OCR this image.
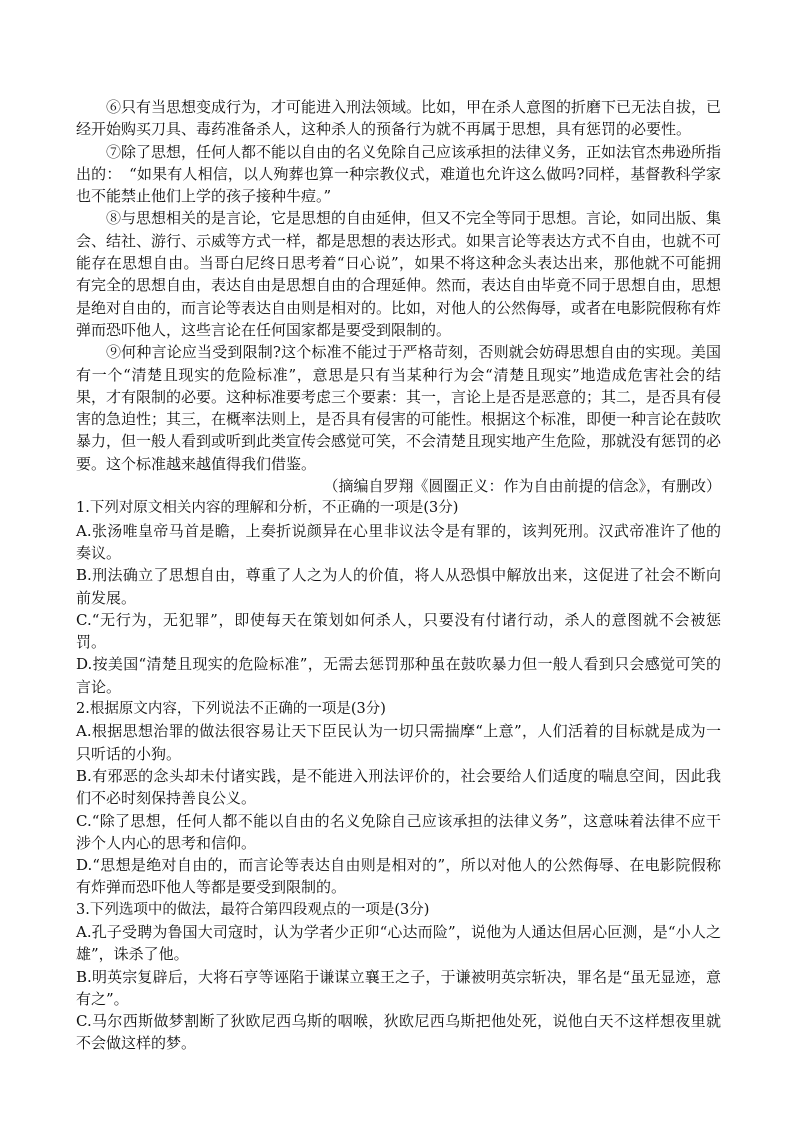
⑥只有当思想变成行为，才可能进入刑法领域。比如，甲在杀人意图的折磨下已无法自拔，已经开始购买刀具、毒药准备杀人，这种杀人的预备行为就不再属于思想，具有惩罚的必要性。

⑦除了思想，任何人都不能以自由的名义免除自己应该承担的法律义务，正如法官杰弗逊所指出的：　“如果有人相信，以人殉葬也算一种宗教仪式，难道也允许这么做吗?同样，基督教科学家也不能禁止他们上学的孩子接种牛痘。”

⑧与思想相关的是言论，它是思想的自由延伸，但又不完全等同于思想。言论，如同出版、集会、结社、游行、示威等方式一样，都是思想的表达形式。如果言论等表达方式不自由，也就不可能存在思想自由。当哥白尼终日思考着“日心说”，如果不将这种念头表达出来，那他就不可能拥有完全的思想自由，表达自由是思想自由的合理延伸。然而，表达自由毕竟不同于思想自由，思想是绝对自由的，而言论等表达自由则是相对的。比如，对他人的公然侮辱，或者在电影院假称有炸弹而恐吓他人，这些言论在任何国家都是要受到限制的。

⑨何种言论应当受到限制?这个标准不能过于严格苛刻，否则就会妨碍思想自由的实现。美国有一个“清楚且现实的危险标准”，意思是只有当某种行为会“清楚且现实”地造成危害社会的结果，才有限制的必要。这种标准要考虑三个要素：其一，言论上是否是恶意的；其二，是否具有侵害的急迫性；其三，在概率法则上，是否具有侵害的可能性。根据这个标准，即便一种言论在鼓吹暴力，但一般人看到或听到此类宣传会感觉可笑，不会清楚且现实地产生危险，那就没有惩罚的必要。这个标准越来越值得我们借鉴。

（摘编自罗翔《圆圈正义：作为自由前提的信念》，有删改）

1.下列对原文相关内容的理解和分析，不正确的一项是(3分)

A.张汤唯皇帝马首是瞻，上奏折说颜异在心里非议法令是有罪的，该判死刑。汉武帝准许了他的奏议。

B.刑法确立了思想自由，尊重了人之为人的价值，将人从恐惧中解放出来，这促进了社会不断向前发展。

C.“无行为，无犯罪”，即使每天在策划如何杀人，只要没有付诸行动，杀人的意图就不会被惩罚。

D.按美国“清楚且现实的危险标准”，无需去惩罚那种虽在鼓吹暴力但一般人看到只会感觉可笑的言论。

2.根据原文内容，下列说法不正确的一项是(3分)

A.根据思想治罪的做法很容易让天下臣民认为一切只需揣摩“上意”，人们活着的目标就是成为一只听话的小狗。

B.有邪恶的念头却未付诸实践，是不能进入刑法评价的，社会要给人们适度的喘息空间，因此我们不必时刻保持善良公义。

C.“除了思想，任何人都不能以自由的名义免除自己应该承担的法律义务”，这意味着法律不应干涉个人内心的思考和信仰。

D.“思想是绝对自由的，而言论等表达自由则是相对的”，所以对他人的公然侮辱、在电影院假称有炸弹而恐吓他人等都是要受到限制的。

3.下列选项中的做法，最符合第四段观点的一项是(3分)

A.孔子受聘为鲁国大司寇时，认为学者少正卯“心达而险”，说他为人通达但居心叵测，是“小人之雄”，诛杀了他。

B.明英宗复辟后，大将石亨等诬陷于谦谋立襄王之子，于谦被明英宗斩决，罪名是“虽无显迹，意有之”。

C.马尔西斯做梦割断了狄欧尼西乌斯的咽喉，狄欧尼西乌斯把他处死，说他白天不这样想夜里就不会做这样的梦。
